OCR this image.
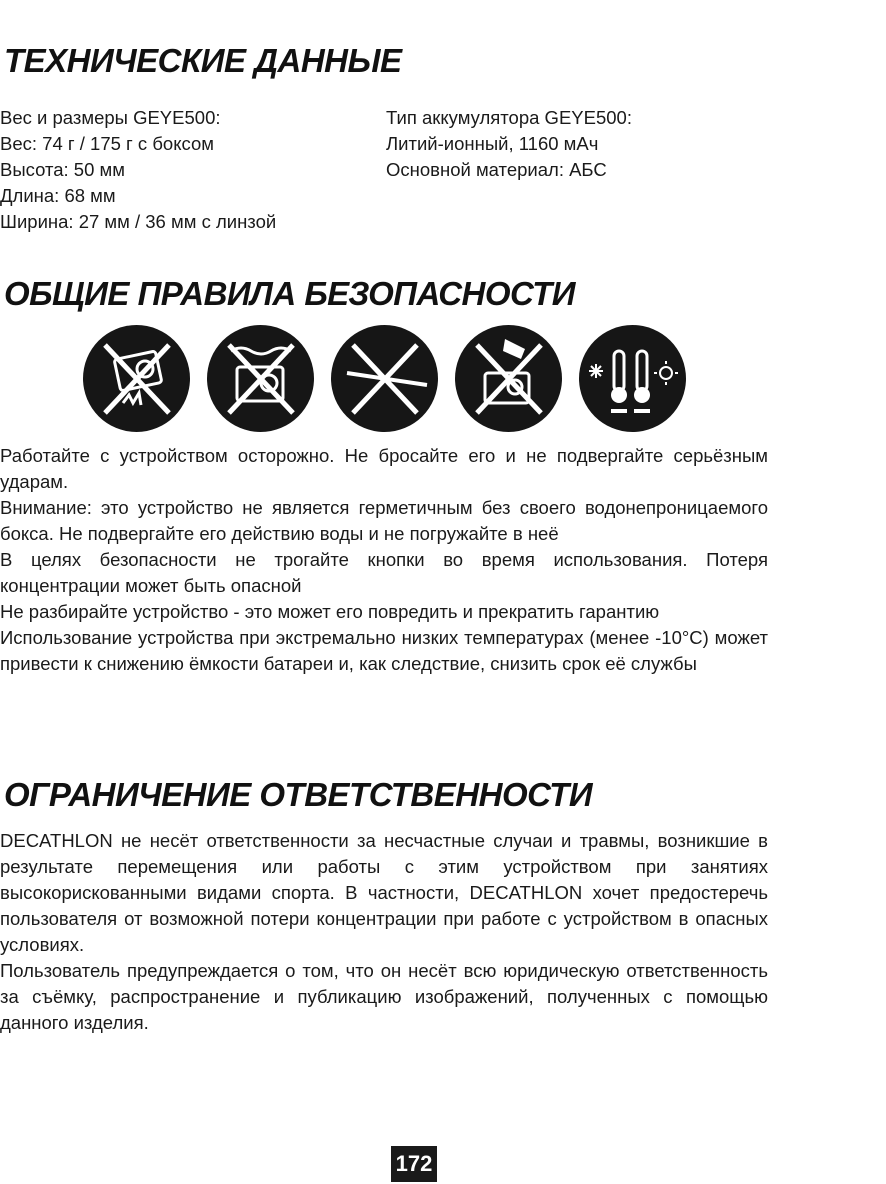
ТЕХНИЧЕСКИЕ ДАННЫЕ
Вес и размеры GEYE500:
Вес: 74 г / 175 г с боксом
Высота: 50 мм
Длина: 68 мм
Ширина: 27 мм / 36 мм с линзой
Тип аккумулятора GEYE500:
Литий-ионный, 1160 мАч
Основной материал: АБС
ОБЩИЕ ПРАВИЛА БЕЗОПАСНОСТИ

Работайте с устройством осторожно. Не бросайте его и не подвергайте серьёзным ударам.

Внимание: это устройство не является герметичным без своего водонепроницаемого бокса. Не подвергайте его действию воды и не погружайте в неё

В целях безопасности не трогайте кнопки во время использования. Потеря концентрации может быть опасной

Не разбирайте устройство - это может его повредить и прекратить гарантию

Использование устройства при экстремально низких температурах (менее -10°C) может привести к снижению ёмкости батареи и, как следствие, снизить срок её службы

ОГРАНИЧЕНИЕ ОТВЕТСТВЕННОСТИ

DECATHLON не несёт ответственности за несчастные случаи и травмы, возникшие в результате перемещения или работы с этим устройством при занятиях высокорискованными видами спорта. В частности, DECATHLON хочет предостеречь пользователя от возможной потери концентрации при работе с устройством в опасных условиях.

Пользователь предупреждается о том, что он несёт всю юридическую ответственность за съёмку, распространение и публикацию изображений, полученных с помощью данного изделия.

172
